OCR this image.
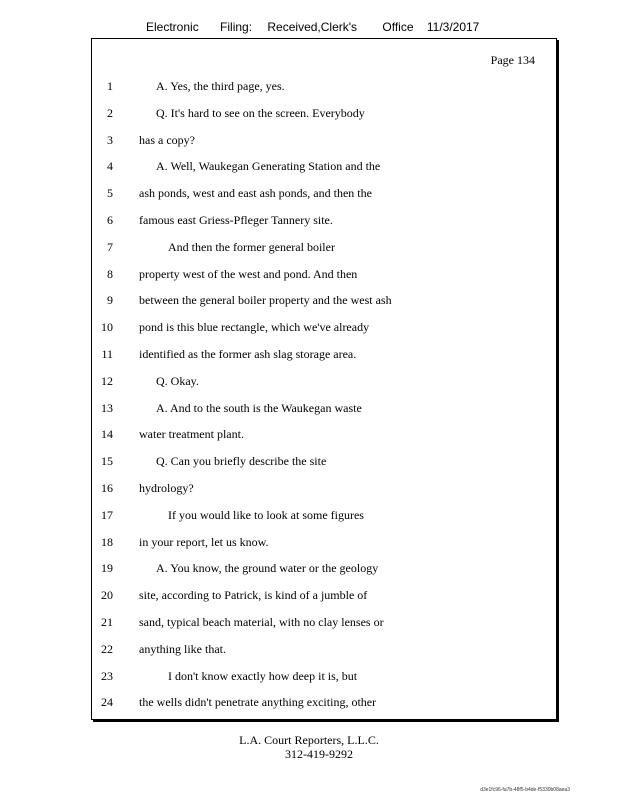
Electronic Filing: Received,Clerk's Office 11/3/2017
Page 134
1	A. Yes, the third page, yes.
2	Q. It's hard to see on the screen. Everybody
3 has a copy?
4	A. Well, Waukegan Generating Station and the
5 ash ponds, west and east ash ponds, and then the
6 famous east Griess-Pfleger Tannery site.
7	And then the former general boiler
8 property west of the west and pond. And then
9 between the general boiler property and the west ash
10 pond is this blue rectangle, which we've already
11 identified as the former ash slag storage area.
12	Q. Okay.
13	A. And to the south is the Waukegan waste
14 water treatment plant.
15	Q. Can you briefly describe the site
16 hydrology?
17	If you would like to look at some figures
18 in your report, let us know.
19	A. You know, the ground water or the geology
20 site, according to Patrick, is kind of a jumble of
21 sand, typical beach material, with no clay lenses or
22 anything like that.
23	I don't know exactly how deep it is, but
24 the wells didn't penetrate anything exciting, other
L.A. Court Reporters, L.L.C.
312-419-9292
d3e1fc96-fa7b-48f5-b4de-f5330b08aea3
